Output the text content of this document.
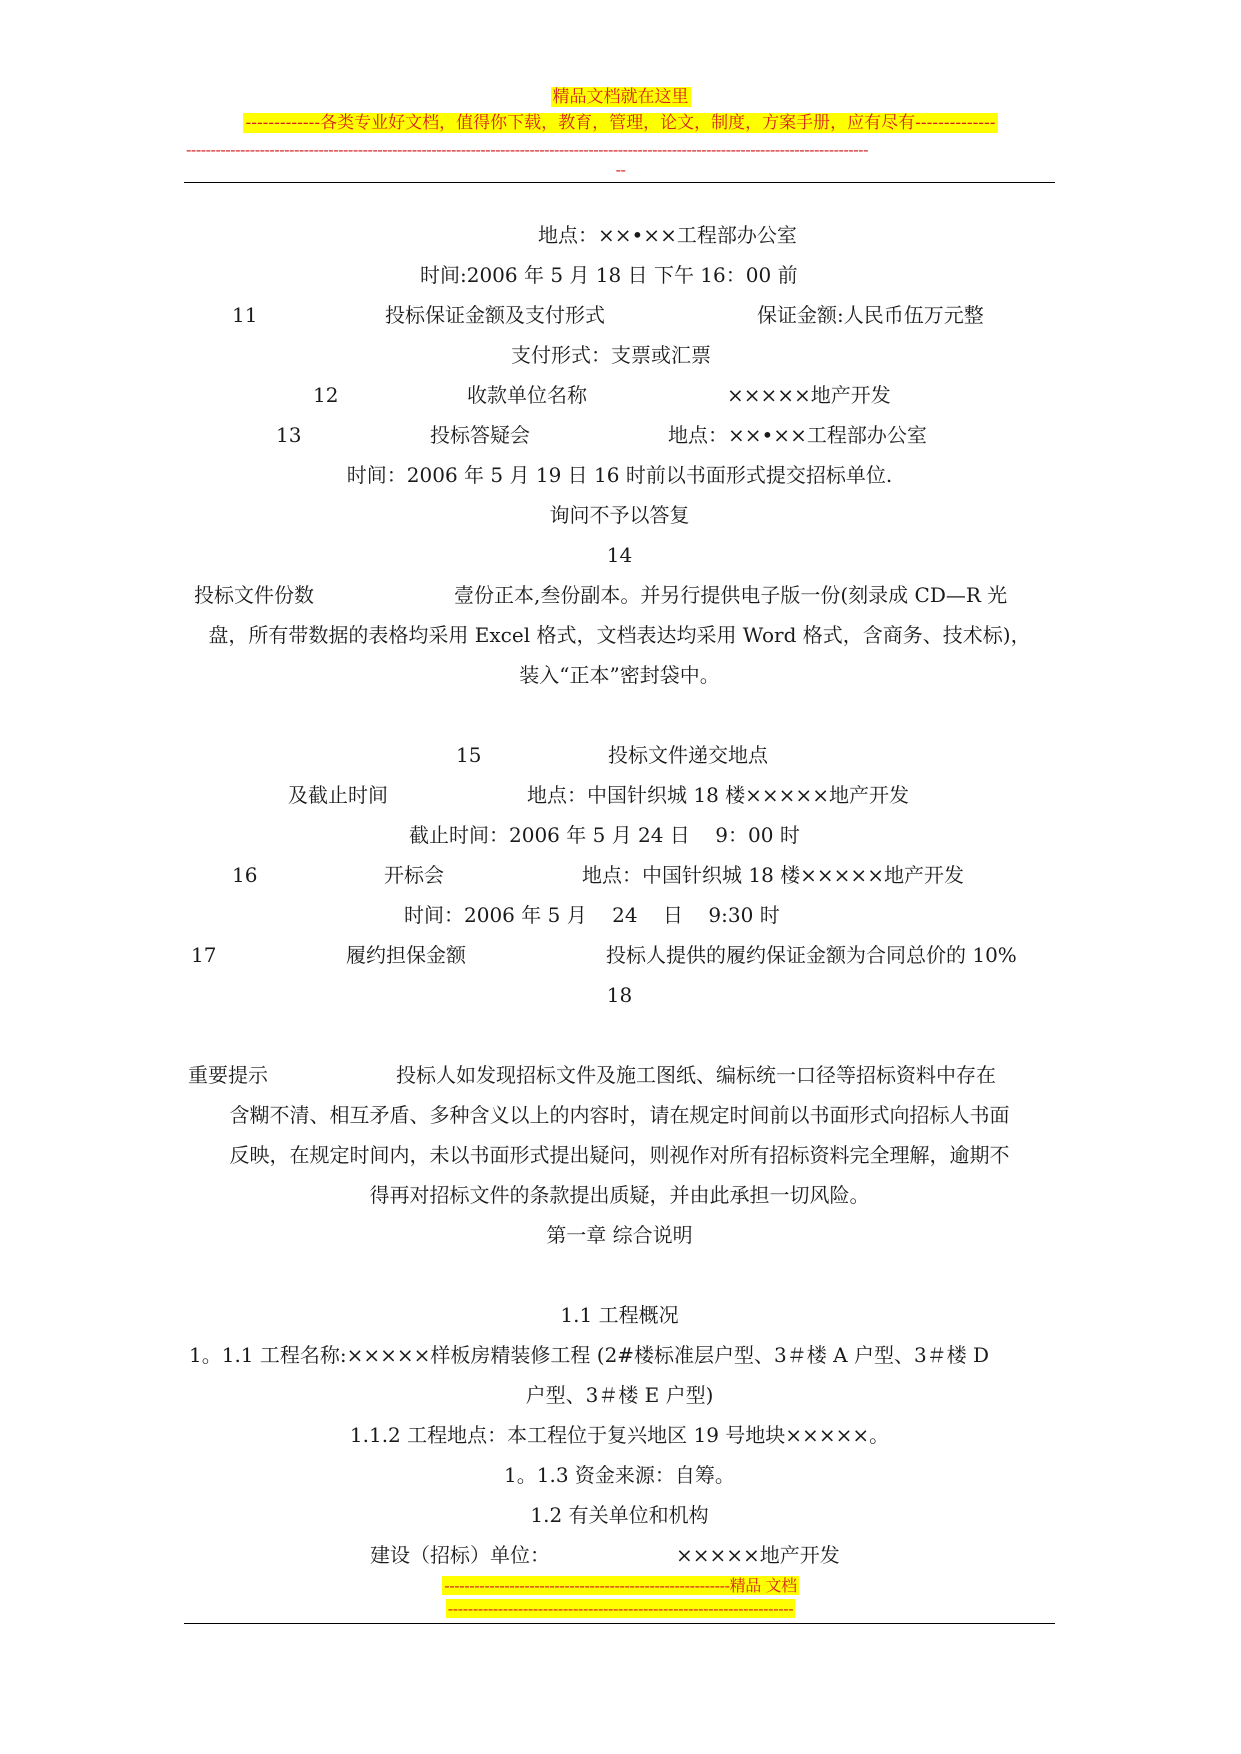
精品文档就在这里
-------------各类专业好文档，值得你下载，教育，管理，论文，制度，方案手册，应有尽有--------------
-------------------------------------------------------------------------------------------------------------------------------------------
--
地点：××•××工程部办公室
时间:2006 年 5 月 18 日 下午 16：00 前
11	投标保证金额及支付形式	保证金额:人民币伍万元整
支付形式：支票或汇票
12	收款单位名称	×××××地产开发
13	投标答疑会	地点：××•××工程部办公室
时间：2006 年 5 月 19 日 16 时前以书面形式提交招标单位.
询问不予以答复
14
投标文件份数	壹份正本,叁份副本。并另行提供电子版一份(刻录成 CD—R 光
盘，所有带数据的表格均采用 Excel 格式，文档表达均采用 Word 格式，含商务、技术标)，
装入“正本”密封袋中。
15	投标文件递交地点
及截止时间	地点：中国针织城 18 楼×××××地产开发
截止时间：2006 年 5 月 24 日    9：00 时
16	开标会	地点：中国针织城 18 楼×××××地产开发
时间：2006 年 5 月    24    日    9:30 时
17	履约担保金额	投标人提供的履约保证金额为合同总价的 10%
18
重要提示	投标人如发现招标文件及施工图纸、编标统一口径等招标资料中存在
含糊不清、相互矛盾、多种含义以上的内容时，请在规定时间前以书面形式向招标人书面
反映，在规定时间内，未以书面形式提出疑问，则视作对所有招标资料完全理解，逾期不
得再对招标文件的条款提出质疑，并由此承担一切风险。
第一章 综合说明
1.1 工程概况
1。1.1 工程名称:×××××样板房精装修工程 (2#楼标准层户型、3＃楼 A 户型、3＃楼 D
户型、3＃楼 E 户型)
1.1.2 工程地点：本工程位于复兴地区 19 号地块×××××。
1。1.3 资金来源：自筹。
1.2 有关单位和机构
建设（招标）单位：	×××××地产开发
---------------------------------------------------------精品 文档
---------------------------------------------------------------------
